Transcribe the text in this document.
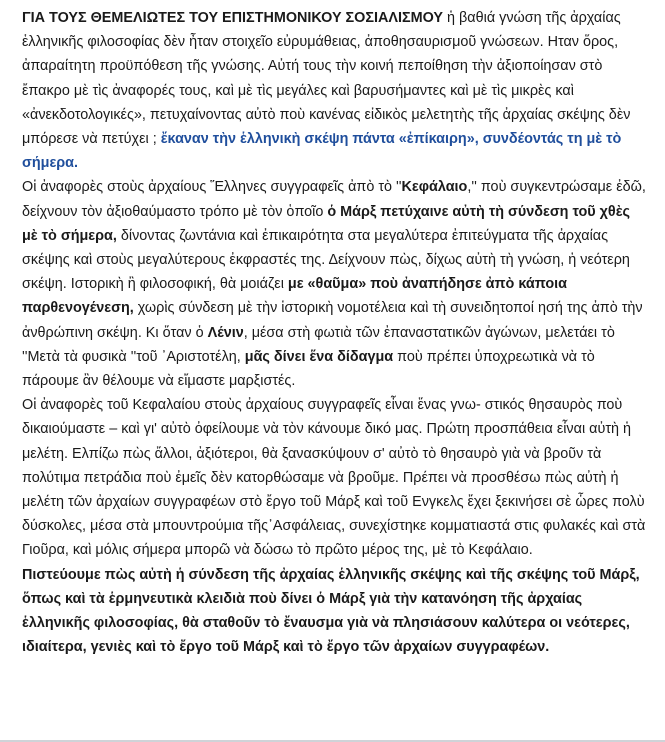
ΓΙΑ ΤΟΥΣ ΘΕΜΕΛΙΩΤΕΣ ΤΟΥ ΕΠΙΣΤΗΜΟΝΙΚΟΥ ΣΟΣΙΑΛΙΣΜΟΥ ἡ βαθιά γνώση τῆς ἀρχαίας ἑλληνικῆς φιλοσοφίας δὲν ἦταν στοιχεῖο εὐρυμάθειας, ἀποθησαυρισμοῦ γνώσεων. Ηταν ὅρος, ἀπαραίτητη προϋπόθεση τῆς γνώσης. Αὐτή τους τὴν κοινή πεποίθηση τὴν ἀξιοποίησαν στὸ ἔπακρο μὲ τὶς ἀναφορές τους, καὶ μὲ τὶς μεγάλες καὶ βαρυσήμαντες καὶ μὲ τὶς μικρὲς καὶ «ἀνεκδοτολογικές», πετυχαίνοντας αὐτὸ ποὺ κανένας εἰδικὸς μελετητὴς τῆς ἀρχαίας σκέψης δὲν μπόρεσε νὰ πετύχει ; ἔκαναν τὴν ἑλληνικὴ σκέψη πάντα «ἐπίκαιρη», συνδέοντάς τη μὲ τὸ σήμερα.

Οἱ ἀναφορὲς στοὺς ἀρχαίους Ἕλληνες συγγραφεῖς ἀπὸ τὸ ''Κεφάλαιο,'' ποὺ συγκεντρώσαμε ἐδῶ, δείχνουν τὸν ἀξιοθαύμαστο τρόπο μὲ τὸν ὁποῖο ὁ Μάρξ πετύχαινε αὐτὴ τὴ σύνδεση τοῦ χθὲς μὲ τὸ σήμερα, δίνοντας ζωντάνια καὶ ἐπικαιρότητα στα μεγαλύτερα ἐπιτεύγματα τῆς ἀρχαίας σκέψης καὶ στοὺς μεγαλύτερους ἐκφραστές της. Δείχνουν πὼς, δίχως αὐτὴ τὴ γνώση, ἡ νεότερη σκέψη. Ιστορικὴ ἢ φιλοσοφική, θὰ μοιάζει με «θαῦμα» ποὺ ἀναπήδησε ἀπὸ κάποια παρθενογένεση, χωρὶς σύνδεση μὲ τὴν ἱστορικὴ νομοτέλεια καὶ τὴ συνειδητοποί ησή της ἀπὸ τὴν ἀνθρώπινη σκέψη. Κι ὅταν ὁ Λένιν, μέσα στὴ φωτιὰ τῶν ἐπαναστατικῶν ἀγώνων, μελετάει τὸ ''Μετὰ τὰ φυσικὰ ''τοῦ ᾿Αριστοτέλη, μᾶς δίνει ἕνα δίδαγμα ποὺ πρέπει ὑποχρεωτικὰ νὰ τὸ πάρουμε ἂν θέλουμε νὰ εἴμαστε μαρξιστές.

Οἱ ἀναφορὲς τοῦ Κεφαλαίου στοὺς ἀρχαίους συγγραφεῖς εἶναι ἕνας γνω- στικός θησαυρὸς ποὺ δικαιούμαστε – καὶ γι' αὐτὸ ὀφείλουμε νὰ τὸν κάνουμε δικό μας. Πρώτη προσπάθεια εἶναι αὐτὴ ἡ μελέτη. Ελπίζω πὼς ἄλλοι, ἀξιότεροι, θὰ ξανασκύψουν σ' αὐτὸ τὸ θησαυρὸ γιὰ νὰ βροῦν τὰ πολύτιμα πετράδια ποὺ ἐμεῖς δὲν κατορθώσαμε νὰ βροῦμε. Πρέπει νὰ προσθέσω πὼς αὐτὴ ἡ μελέτη τῶν ἀρχαίων συγγραφέων στὸ ἔργο τοῦ Μάρξ καὶ τοῦ Ενγκελς ἔχει ξεκινήσει σὲ ὧρες πολὺ δύσκολες, μέσα στὰ μπουντρούμια τῆς᾿Ασφάλειας, συνεχίστηκε κομματιαστά στις φυλακές καὶ στὰ Γιοῦρα, καὶ μόλις σήμερα μπορῶ νὰ δώσω τὸ πρῶτο μέρος της, μὲ τὸ Κεφάλαιο.

Πιστεύουμε πὼς αὐτὴ ἡ σύνδεση τῆς ἀρχαίας ἑλληνικῆς σκέψης καὶ τῆς σκέψης τοῦ Μάρξ, ὅπως καὶ τὰ ἑρμηνευτικὰ κλειδιὰ ποὺ δίνει ὁ Μάρξ γιὰ τὴν κατανόηση τῆς ἀρχαίας ἑλληνικῆς φιλοσοφίας, θὰ σταθοῦν τὸ ἔναυσμα γιὰ νὰ πλησιάσουν καλύτερα οι νεότερες, ιδιαίτερα, γενιὲς καὶ τὸ ἔργο τοῦ Μάρξ καὶ τὸ ἔργο τῶν ἀρχαίων συγγραφέων.
